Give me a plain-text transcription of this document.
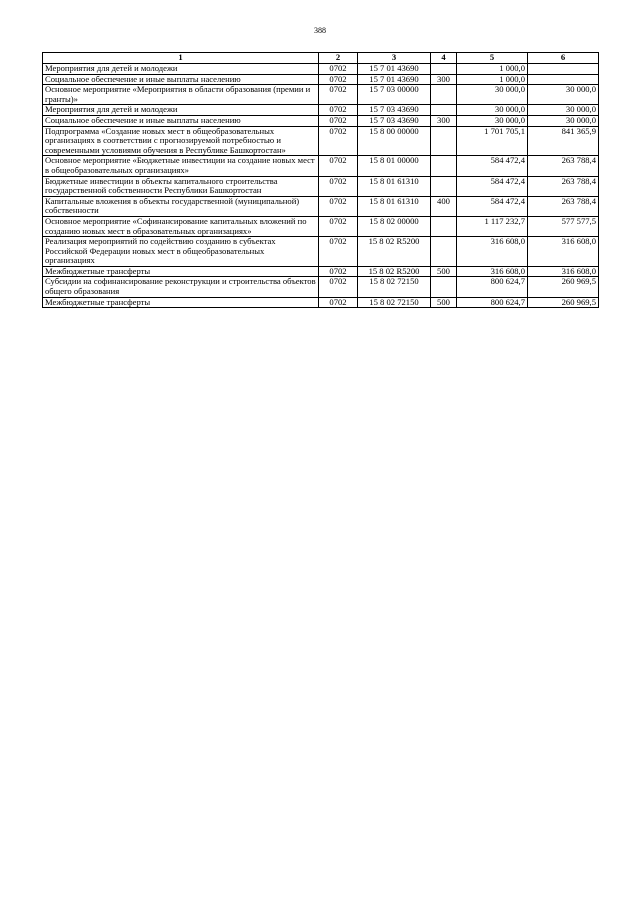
388
1	2	3	4	5	6
Мероприятия для детей и молодежи	0702	15 7 01 43690		1 000,0	
Социальное обеспечение и иные выплаты населению	0702	15 7 01 43690	300	1 000,0	
Основное мероприятие «Мероприятия в области образования (премии и гранты)»	0702	15 7 03 00000		30 000,0	30 000,0
Мероприятия для детей и молодежи	0702	15 7 03 43690		30 000,0	30 000,0
Социальное обеспечение и иные выплаты населению	0702	15 7 03 43690	300	30 000,0	30 000,0
Подпрограмма «Создание новых мест в общеобразовательных организациях в соответствии с прогнозируемой потребностью и современными условиями обучения в Республике Башкортостан»	0702	15 8 00 00000		1 701 705,1	841 365,9
Основное мероприятие «Бюджетные инвестиции на создание новых мест в общеобразовательных организациях»	0702	15 8 01 00000		584 472,4	263 788,4
Бюджетные инвестиции в объекты капитального строительства государственной собственности Республики Башкортостан	0702	15 8 01 61310		584 472,4	263 788,4
Капитальные вложения в объекты государственной (муниципальной) собственности	0702	15 8 01 61310	400	584 472,4	263 788,4
Основное мероприятие «Софинансирование капитальных вложений по созданию новых мест в образовательных организациях»	0702	15 8 02 00000		1 117 232,7	577 577,5
Реализация мероприятий по содействию созданию в субъектах Российской Федерации новых мест в общеобразовательных организациях	0702	15 8 02 R5200		316 608,0	316 608,0
Межбюджетные трансферты	0702	15 8 02 R5200	500	316 608,0	316 608,0
Субсидии на софинансирование реконструкции и строительства объектов общего образования	0702	15 8 02 72150		800 624,7	260 969,5
Межбюджетные трансферты	0702	15 8 02 72150	500	800 624,7	260 969,5
